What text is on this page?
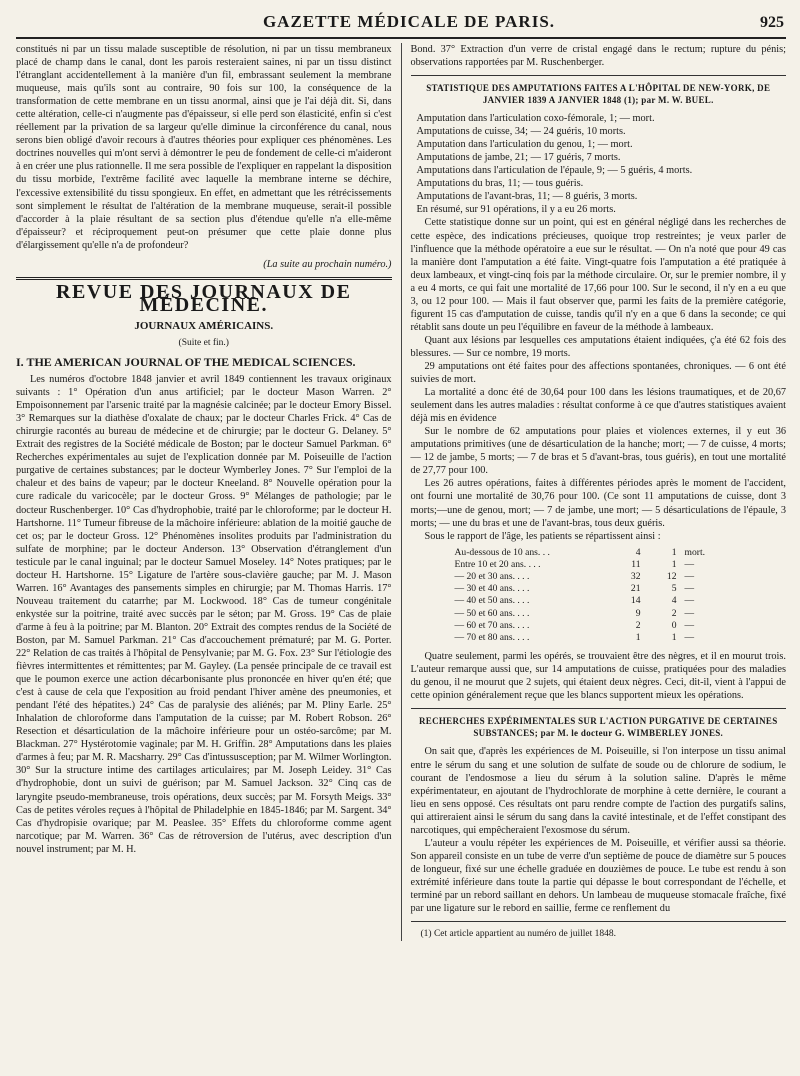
GAZETTE MÉDICALE DE PARIS.	925

constitués ni par un tissu malade susceptible de résolution, ni par un tissu membraneux placé de champ dans le canal, dont les parois resteraient saines, ni par un tissu distinct l'étranglant accidentellement à la manière d'un fil, embrassant seulement la membrane muqueuse, mais qu'ils sont au contraire, 90 fois sur 100, la conséquence de la transformation de cette membrane en un tissu anormal, ainsi que je l'ai déjà dit. Si, dans cette altération, celle-ci n'augmente pas d'épaisseur, si elle perd son élasticité, enfin si c'est réellement par la privation de sa largeur qu'elle diminue la circonférence du canal, nous serons bien obligé d'avoir recours à d'autres théories pour expliquer ces phénomènes. Les doctrines nouvelles qui m'ont servi à démontrer le peu de fondement de celle-ci m'aideront à en créer une plus rationnelle. Il me sera possible de l'expliquer en rappelant la disposition du tissu morbide, l'extrême facilité avec laquelle la membrane interne se déchire, l'excessive extensibilité du tissu spongieux. En effet, en admettant que les rétrécissements sont simplement le résultat de l'altération de la membrane muqueuse, serait-il possible d'accorder à la plaie résultant de sa section plus d'étendue qu'elle n'a elle-même d'épaisseur? et réciproquement peut-on présumer que cette plaie donne plus d'élargissement qu'elle n'a de profondeur?

(La suite au prochain numéro.)
REVUE DES JOURNAUX DE MÉDECINE.
JOURNAUX AMÉRICAINS.
(Suite et fin.)
I. THE AMERICAN JOURNAL OF THE MEDICAL SCIENCES.

Les numéros d'octobre 1848 janvier et avril 1849 contiennent les travaux originaux suivants : 1° Opération d'un anus artificiel; par le docteur Mason Warren. 2° Empoisonnement par l'arsenic traité par la magnésie calcinée; par le docteur Emory Bissel. 3° Remarques sur la diathèse d'oxalate de chaux; par le docteur Charles Frick. 4° Cas de chirurgie racontés au bureau de médecine et de chirurgie; par le docteur G. Delaney. 5° Extrait des registres de la Société médicale de Boston; par le docteur Samuel Parkman. 6° Recherches expérimentales au sujet de l'explication donnée par M. Poiseuille de l'action purgative de certaines substances; par le docteur Wymberley Jones. 7° Sur l'emploi de la chaleur et des bains de vapeur; par le docteur Kneeland. 8° Nouvelle opération pour la cure radicale du varicocèle; par le docteur Gross. 9° Mélanges de pathologie; par le docteur Ruschenberger. 10° Cas d'hydrophobie, traité par le chloroforme; par le docteur H. Hartshorne. 11° Tumeur fibreuse de la mâchoire inférieure: ablation de la moitié gauche de cet os; par le docteur Gross. 12° Phénomènes insolites produits par l'administration du sulfate de morphine; par le docteur Anderson. 13° Observation d'étranglement d'un testicule par le canal inguinal; par le docteur Samuel Moseley. 14° Notes pratiques; par le docteur H. Hartshorne. 15° Ligature de l'artère sous-clavière gauche; par M. J. Mason Warren. 16° Avantages des pansements simples en chirurgie; par M. Thomas Harris. 17° Nouveau traitement du catarrhe; par M. Lockwood. 18° Cas de tumeur congénitale enkystée sur la poitrine, traité avec succès par le séton; par M. Gross. 19° Cas de plaie d'arme à feu à la poitrine; par M. Blanton. 20° Extrait des comptes rendus de la Société de Boston, par M. Samuel Parkman. 21° Cas d'accouchement prématuré; par M. G. Porter. 22° Relation de cas traités à l'hôpital de Pensylvanie; par M. G. Fox. 23° Sur l'étiologie des fièvres intermittentes et rémittentes; par M. Gayley. (La pensée principale de ce travail est que le poumon exerce une action décarbonisante plus prononcée en hiver qu'en été; que c'est à cause de cela que l'exposition au froid pendant l'hiver amène des pneumonies, et pendant l'été des hépatites.) 24° Cas de paralysie des aliénés; par M. Pliny Earle. 25° Inhalation de chloroforme dans l'amputation de la cuisse; par M. Robert Robson. 26° Resection et désarticulation de la mâchoire inférieure pour un ostéo-sarcôme; par M. Blackman. 27° Hystérotomie vaginale; par M. H. Griffin. 28° Amputations dans les plaies d'armes à feu; par M. R. Macsharry. 29° Cas d'intussusception; par M. Wilmer Worlington. 30° Sur la structure intime des cartilages articulaires; par M. Joseph Leidey. 31° Cas d'hydrophobie, dont un suivi de guérison; par M. Samuel Jackson. 32° Cinq cas de laryngite pseudo-membraneuse, trois opérations, deux succès; par M. Forsyth Meigs. 33° Cas de petites véroles reçues à l'hôpital de Philadelphie en 1845-1846; par M. Sargent. 34° Cas d'hydropisie ovarique; par M. Peaslee. 35° Effets du chloroforme comme agent narcotique; par M. Warren. 36° Cas de rétroversion de l'utérus, avec description d'un nouvel instrument; par M. H.

Bond. 37° Extraction d'un verre de cristal engagé dans le rectum; rupture du pénis; observations rapportées par M. Ruschenberger.

STATISTIQUE DES AMPUTATIONS FAITES A L'HÔPITAL DE NEW-YORK, DE JANVIER 1839 A JANVIER 1848 (1); par M. W. BUEL.

Amputation dans l'articulation coxo-fémorale, 1; — mort.

Amputations de cuisse, 34; — 24 guéris, 10 morts.

Amputation dans l'articulation du genou, 1; — mort.

Amputations de jambe, 21; — 17 guéris, 7 morts.

Amputations dans l'articulation de l'épaule, 9; — 5 guéris, 4 morts.

Amputations du bras, 11; — tous guéris.

Amputations de l'avant-bras, 11; — 8 guéris, 3 morts.

En résumé, sur 91 opérations, il y a eu 26 morts.

Cette statistique donne sur un point, qui est en général négligé dans les recherches de cette espèce, des indications précieuses, quoique trop restreintes; je veux parler de l'influence que la méthode opératoire a eue sur le résultat. — On n'a noté que pour 49 cas la manière dont l'amputation a été faite. Vingt-quatre fois l'amputation a été pratiquée à deux lambeaux, et vingt-cinq fois par la méthode circulaire. Or, sur le premier nombre, il y a eu 4 morts, ce qui fait une mortalité de 17,66 pour 100. Sur le second, il n'y en a eu que 3, ou 12 pour 100. — Mais il faut observer que, parmi les faits de la première catégorie, figurent 15 cas d'amputation de cuisse, tandis qu'il n'y en a que 6 dans la seconde; ce qui rétablit sans doute un peu l'équilibre en faveur de la méthode à lambeaux.

Quant aux lésions par lesquelles ces amputations étaient indiquées, ç'a été 62 fois des blessures. — Sur ce nombre, 19 morts.

29 amputations ont été faites pour des affections spontanées, chroniques. — 6 ont été suivies de mort.

La mortalité a donc été de 30,64 pour 100 dans les lésions traumatiques, et de 20,67 seulement dans les autres maladies : résultat conforme à ce que d'autres statistiques avaient déjà mis en évidence

Sur le nombre de 62 amputations pour plaies et violences externes, il y eut 36 amputations primitives (une de désarticulation de la hanche; mort; — 7 de cuisse, 4 morts; — 12 de jambe, 5 morts; — 7 de bras et 5 d'avant-bras, tous guéris), en tout une mortalité de 27,77 pour 100.

Les 26 autres opérations, faites à différentes périodes après le moment de l'accident, ont fourni une mortalité de 30,76 pour 100. (Ce sont 11 amputations de cuisse, dont 3 morts;—une de genou, mort; — 7 de jambe, une mort; — 5 désarticulations de l'épaule, 3 morts; — une du bras et une de l'avant-bras, tous deux guéris.

Sous le rapport de l'âge, les patients se répartissent ainsi :

Au-dessous de 10 ans. . .	4	1	mort.
Entre 10 et 20 ans. . . .	11	1	—
— 20 et 30 ans. . . .	32	12	—
— 30 et 40 ans. . . .	21	5	—
— 40 et 50 ans. . . .	14	4	—
— 50 et 60 ans. . . .	9	2	—
— 60 et 70 ans. . . .	2	0	—
— 70 et 80 ans. . . .	1	1	—

Quatre seulement, parmi les opérés, se trouvaient être des nègres, et il en mourut trois. L'auteur remarque aussi que, sur 14 amputations de cuisse, pratiquées pour des maladies du genou, il ne mourut que 2 sujets, qui étaient deux nègres. Ceci, dit-il, vient à l'appui de cette opinion généralement reçue que les blancs supportent mieux les opérations.

RECHERCHES EXPÉRIMENTALES SUR L'ACTION PURGATIVE DE CERTAINES SUBSTANCES; par M. le docteur G. WIMBERLEY JONES.

On sait que, d'après les expériences de M. Poiseuille, si l'on interpose un tissu animal entre le sérum du sang et une solution de sulfate de soude ou de chlorure de sodium, le courant de l'endosmose a lieu du sérum à la solution saline. D'après le même expérimentateur, en ajoutant de l'hydrochlorate de morphine à cette dernière, le courant a lieu en sens opposé. Ces résultats ont paru rendre compte de l'action des purgatifs salins, qui attireraient ainsi le sérum du sang dans la cavité intestinale, et de l'effet constipant des narcotiques, qui empêcheraient l'exosmose du sérum.

L'auteur a voulu répéter les expériences de M. Poiseuille, et vérifier aussi sa théorie. Son appareil consiste en un tube de verre d'un septième de pouce de diamètre sur 5 pouces de longueur, fixé sur une échelle graduée en douzièmes de pouce. Le tube est rendu à son extrémité inférieure dans toute la partie qui dépasse le bout correspondant de l'échelle, et terminé par un rebord saillant en dehors. Un lambeau de muqueuse stomacale fraîche, fixé par une ligature sur le rebord en saillie, ferme ce renflement du

(1) Cet article appartient au numéro de juillet 1848.
